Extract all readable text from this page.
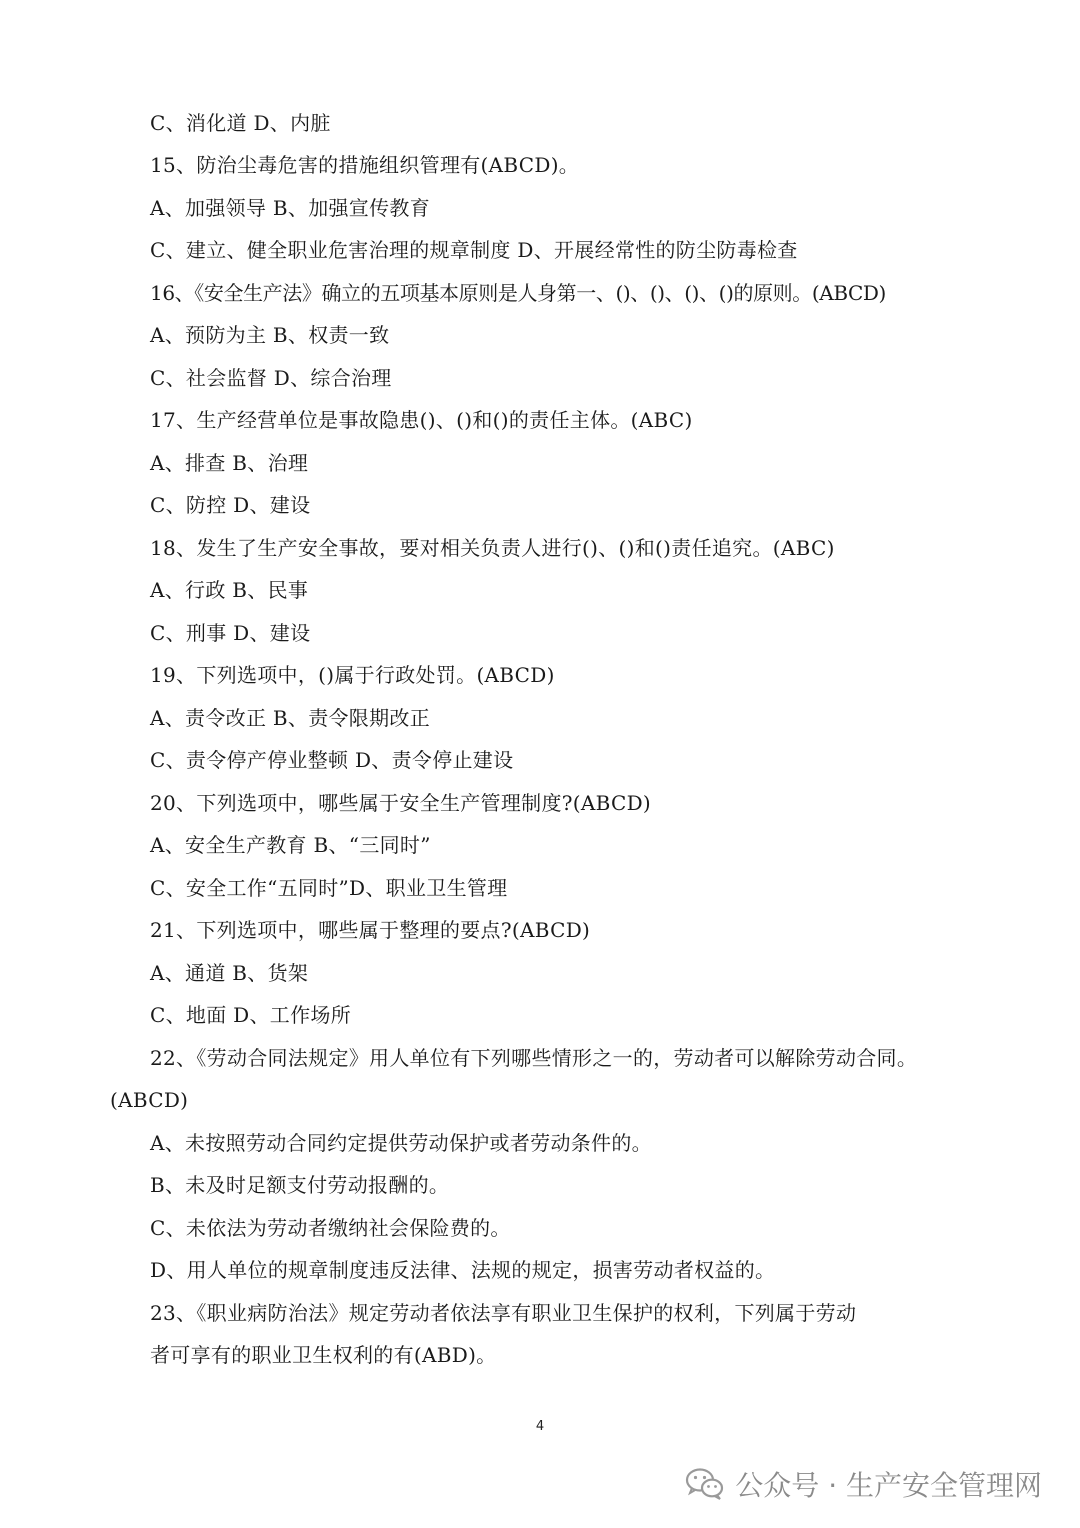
C、消化道 D、内脏
15、防治尘毒危害的措施组织管理有(ABCD)。
A、加强领导 B、加强宣传教育
C、建立、健全职业危害治理的规章制度 D、开展经常性的防尘防毒检查
16、《安全生产法》确立的五项基本原则是人身第一、()、()、()、()的原则。(ABCD)
A、预防为主 B、权责一致
C、社会监督 D、综合治理
17、生产经营单位是事故隐患()、()和()的责任主体。(ABC)
A、排查 B、治理
C、防控 D、建设
18、发生了生产安全事故，要对相关负责人进行()、()和()责任追究。(ABC)
A、行政 B、民事
C、刑事 D、建设
19、下列选项中，()属于行政处罚。(ABCD)
A、责令改正 B、责令限期改正
C、责令停产停业整顿 D、责令停止建设
20、下列选项中，哪些属于安全生产管理制度?(ABCD)
A、安全生产教育 B、“三同时”
C、安全工作“五同时”D、职业卫生管理
21、下列选项中，哪些属于整理的要点?(ABCD)
A、通道 B、货架
C、地面 D、工作场所
22、《劳动合同法规定》用人单位有下列哪些情形之一的，劳动者可以解除劳动合同。
(ABCD)
A、未按照劳动合同约定提供劳动保护或者劳动条件的。
B、未及时足额支付劳动报酬的。
C、未依法为劳动者缴纳社会保险费的。
D、用人单位的规章制度违反法律、法规的规定，损害劳动者权益的。
23、《职业病防治法》规定劳动者依法享有职业卫生保护的权利，下列属于劳动
者可享有的职业卫生权利的有(ABD)。
4
公众号 · 生产安全管理网
